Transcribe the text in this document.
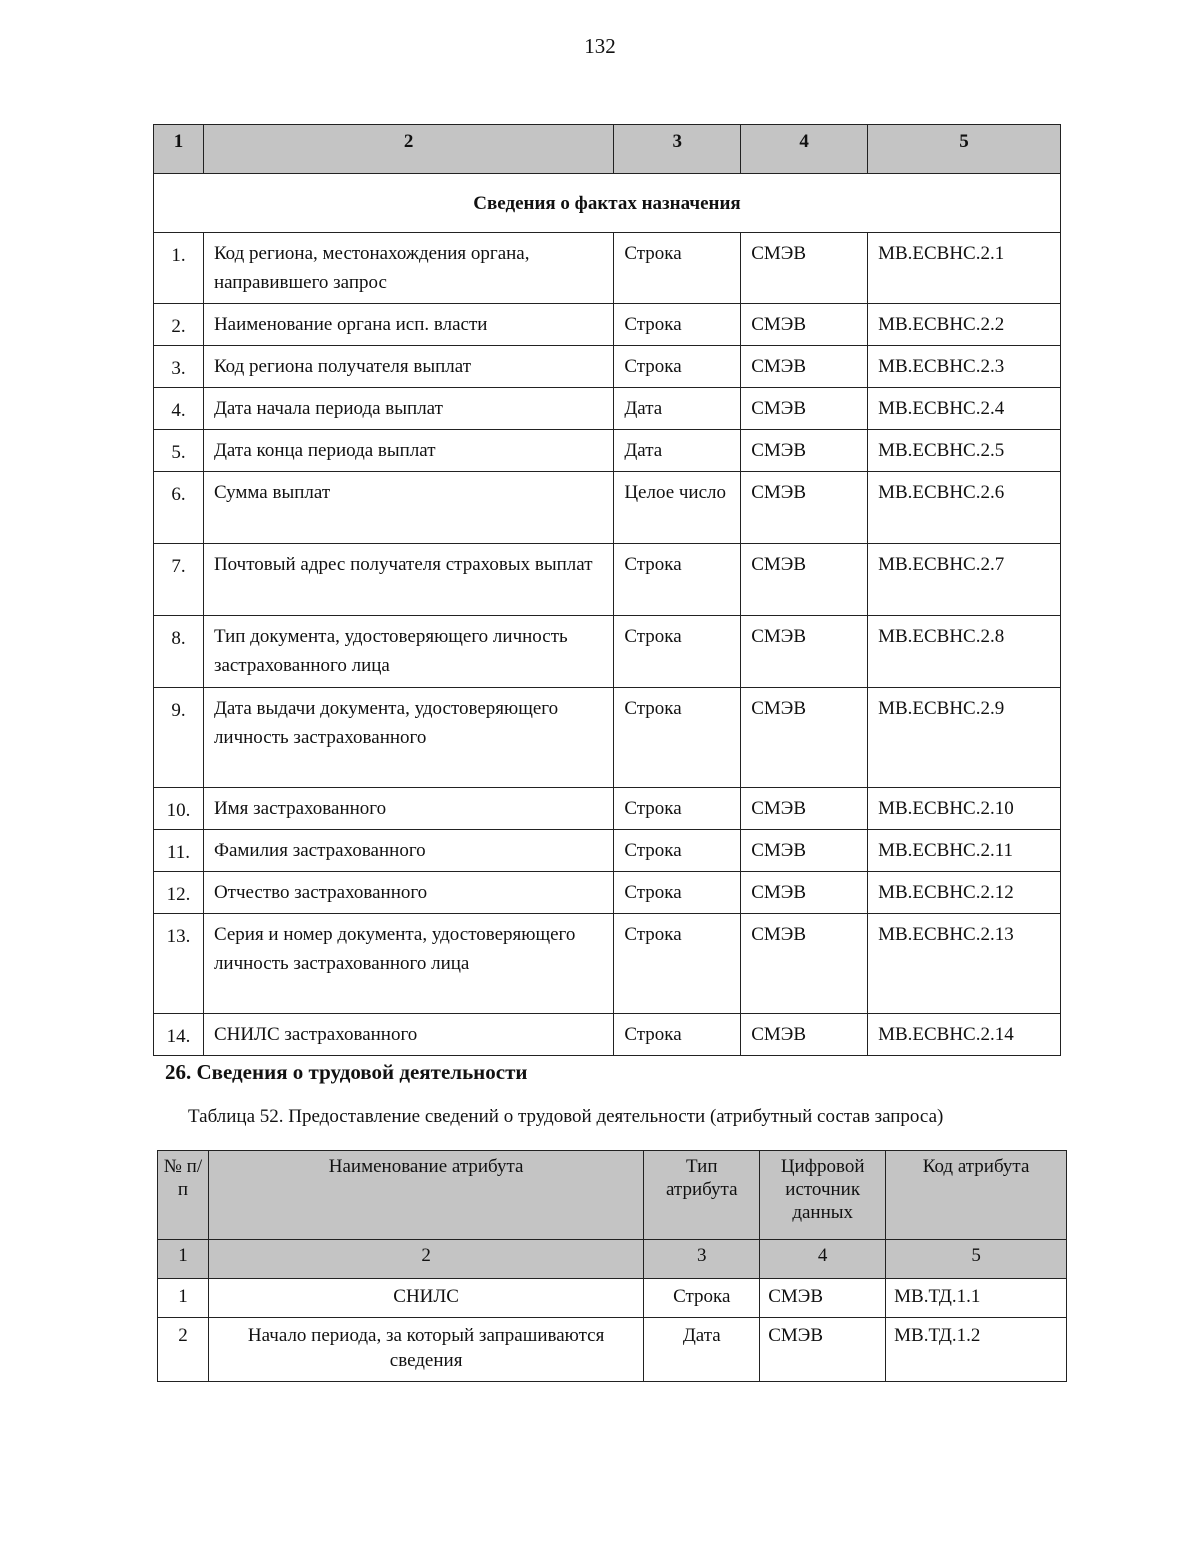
132
1	2	3	4	5
Сведения о фактах назначения				
1.	Код региона, местонахождения органа, направившего запрос	Строка	СМЭВ	МВ.ЕСВНС.2.1
2.	Наименование органа исп. власти	Строка	СМЭВ	МВ.ЕСВНС.2.2
3.	Код региона получателя выплат	Строка	СМЭВ	МВ.ЕСВНС.2.3
4.	Дата начала периода выплат	Дата	СМЭВ	МВ.ЕСВНС.2.4
5.	Дата конца периода выплат	Дата	СМЭВ	МВ.ЕСВНС.2.5
6.	Сумма выплат	Целое число	СМЭВ	МВ.ЕСВНС.2.6
7.	Почтовый адрес получателя страховых выплат	Строка	СМЭВ	МВ.ЕСВНС.2.7
8.	Тип документа, удостоверяющего личность застрахованного лица	Строка	СМЭВ	МВ.ЕСВНС.2.8
9.	Дата выдачи документа, удостоверяющего личность застрахованного	Строка	СМЭВ	МВ.ЕСВНС.2.9
10.	Имя застрахованного	Строка	СМЭВ	МВ.ЕСВНС.2.10
11.	Фамилия застрахованного	Строка	СМЭВ	МВ.ЕСВНС.2.11
12.	Отчество застрахованного	Строка	СМЭВ	МВ.ЕСВНС.2.12
13.	Серия и номер документа, удостоверяющего личность застрахованного лица	Строка	СМЭВ	МВ.ЕСВНС.2.13
14.	СНИЛС застрахованного	Строка	СМЭВ	МВ.ЕСВНС.2.14
26. Сведения о трудовой деятельности

Таблица 52. Предоставление сведений о трудовой деятельности (атрибутный состав запроса)

№ п/п	Наименование атрибута	Тип атрибута	Цифровой источник данных	Код атрибута
1	2	3	4	5
1	СНИЛС	Строка	СМЭВ	МВ.ТД.1.1
2	Начало периода, за который запрашиваются сведения	Дата	СМЭВ	МВ.ТД.1.2
